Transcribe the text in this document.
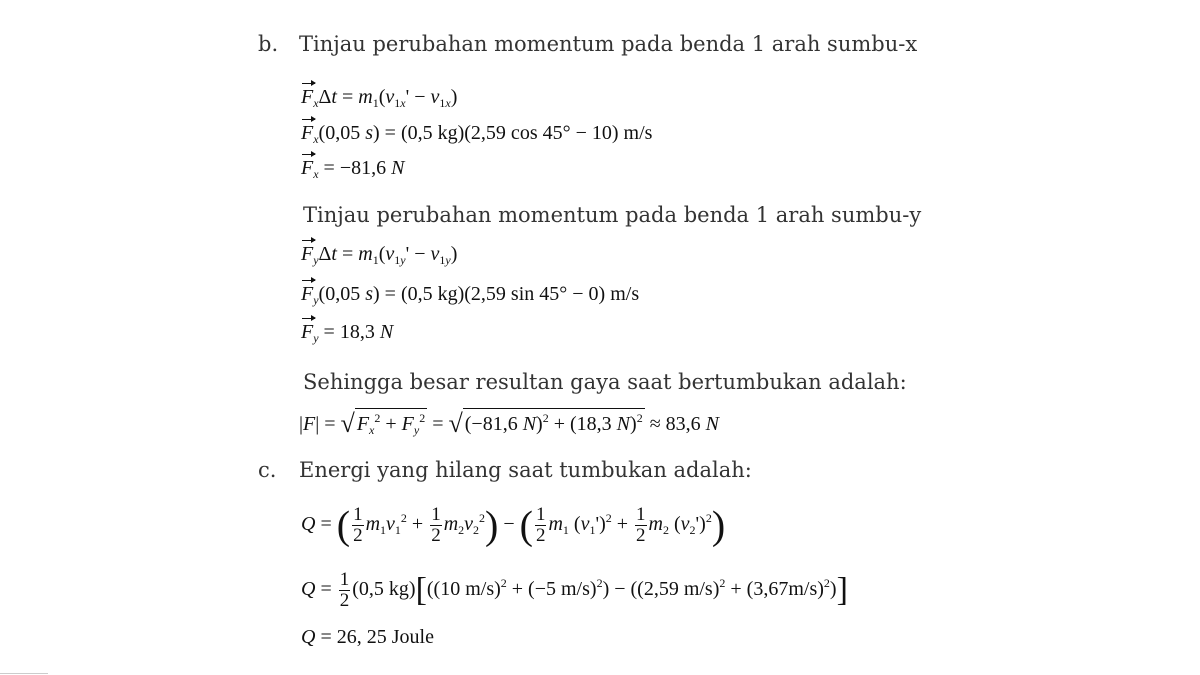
b. Tinjau perubahan momentum pada benda 1 arah sumbu-x
$F_x\Delta t = m_1(v_{1x}' - v_{1x})$
$F_x(0,05$ s) = (0,5 kg)(2,59 cos 45° − 10) m/s
$F_x = -81,6$ N
Tinjau perubahan momentum pada benda 1 arah sumbu-y
$F_y\Delta t = m_1(v_{1y}' - v_{1y})$
$F_y(0,05$ s) = (0,5 kg)(2,59 sin 45° − 0) m/s
$F_y = 18,3$ N
Sehingga besar resultan gaya saat bertumbukan adalah:
|F| = √ $F_x^2 + F_y^2$ = √ (−81,6 N)$^2$ + (18,3 N)$^2$ ≈ 83,6 N
c. Energi yang hilang saat tumbukan adalah:
Q = ( $\frac{1}{2} m_1v_1^2 + \frac{1}{2} m_2v_2^2$) − ( $\frac{1}{2} m_1$ $(v_1')^2 + \frac{1}{2} m_2$ $(v_2')^2$)
$Q = \frac{1}{2} (0,5$ kg)[((10 m/s)$^2$ + (−5 m/s)$^2$) − ((2,59 $m/s)^2 + (3,67m/s)^2$)]
Q = 26, 25 Joule
